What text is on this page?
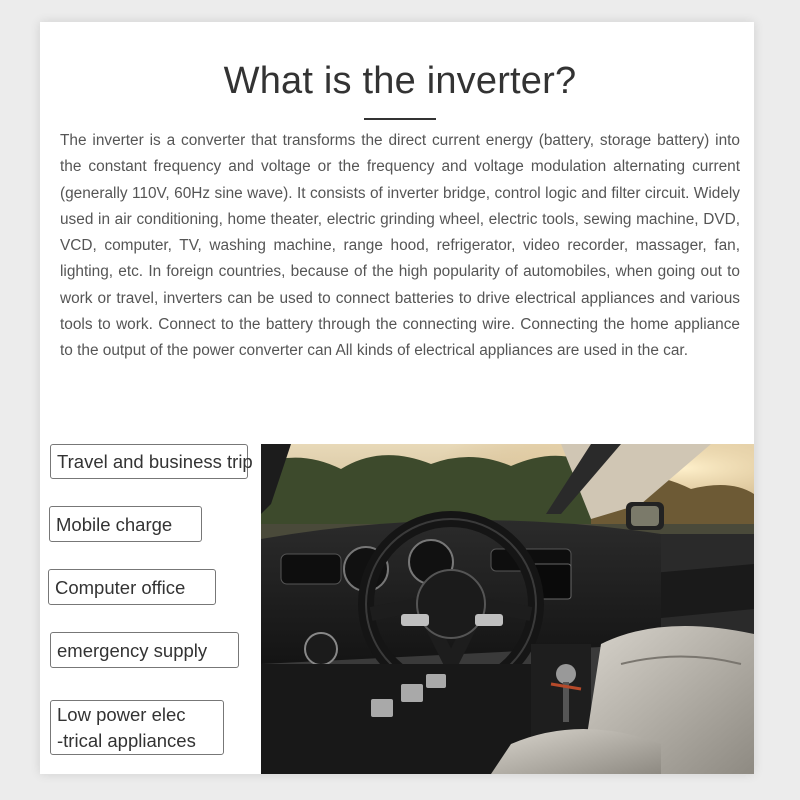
What is the inverter?

The inverter is a converter that transforms the direct current energy (battery, storage battery) into the constant frequency and voltage or the frequency and voltage modulation alternating current (generally 110V, 60Hz sine wave). It consists of inverter bridge, control logic and filter circuit. Widely used in air conditioning, home theater, electric grinding wheel, electric tools, sewing machine, DVD, VCD, computer, TV, washing machine, range hood, refrigerator, video recorder, massager, fan, lighting, etc. In foreign countries, because of the high popularity of automobiles, when going out to work or travel, inverters can be used to connect batteries to drive electrical appliances and various tools to work. Connect to the battery through the connecting wire. Connecting the home appliance to the output of the power converter can All kinds of electrical appliances are used in the car.

Travel and business trip
Mobile charge
Computer office
emergency supply
Low power elec
-trical appliances
